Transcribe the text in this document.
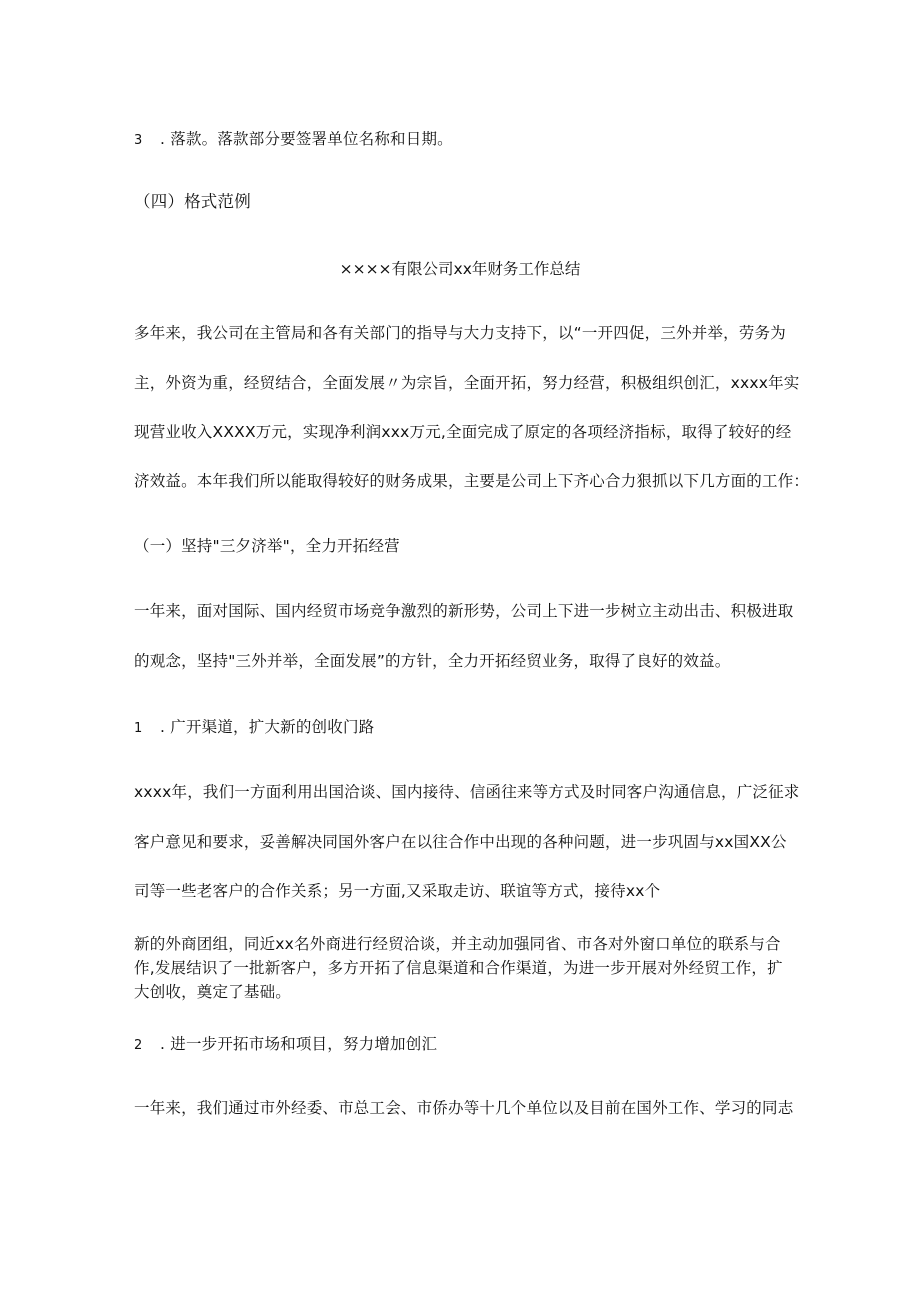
3 . 落款。落款部分要签署单位名称和日期。
（四）格式范例
××××有限公司xx年财务工作总结
多年来，我公司在主管局和各有关部门的指导与大力支持下，以“一开四促，三外并举，劳务为
主，外资为重，经贸结合，全面发展〃为宗旨，全面开拓，努力经营，积极组织创汇，xxxx年实
现营业收入XXXX万元，实现净利润xxx万元,全面完成了原定的各项经济指标，取得了较好的经
济效益。本年我们所以能取得较好的财务成果，主要是公司上下齐心合力狠抓以下几方面的工作：
（一）坚持"三夕济举"，全力开拓经营
一年来，面对国际、国内经贸市场竞争激烈的新形势，公司上下进一步树立主动出击、积极进取
的观念，坚持"三外并举，全面发展”的方针，全力开拓经贸业务，取得了良好的效益。
1 . 广开渠道，扩大新的创收门路
xxxx年，我们一方面利用出国洽谈、国内接待、信函往来等方式及时同客户沟通信息，广泛征求
客户意见和要求，妥善解决同国外客户在以往合作中出现的各种问题，进一步巩固与xx国XX公
司等一些老客户的合作关系；另一方面,又采取走访、联谊等方式，接待xx个
新的外商团组，同近xx名外商进行经贸洽谈，并主动加强同省、市各对外窗口单位的联系与合作,发展结识了一批新客户，多方开拓了信息渠道和合作渠道，为进一步开展对外经贸工作，扩大创收，奠定了基础。
2 . 进一步开拓市场和项目，努力增加创汇
一年来，我们通过市外经委、市总工会、市侨办等十几个单位以及目前在国外工作、学习的同志
